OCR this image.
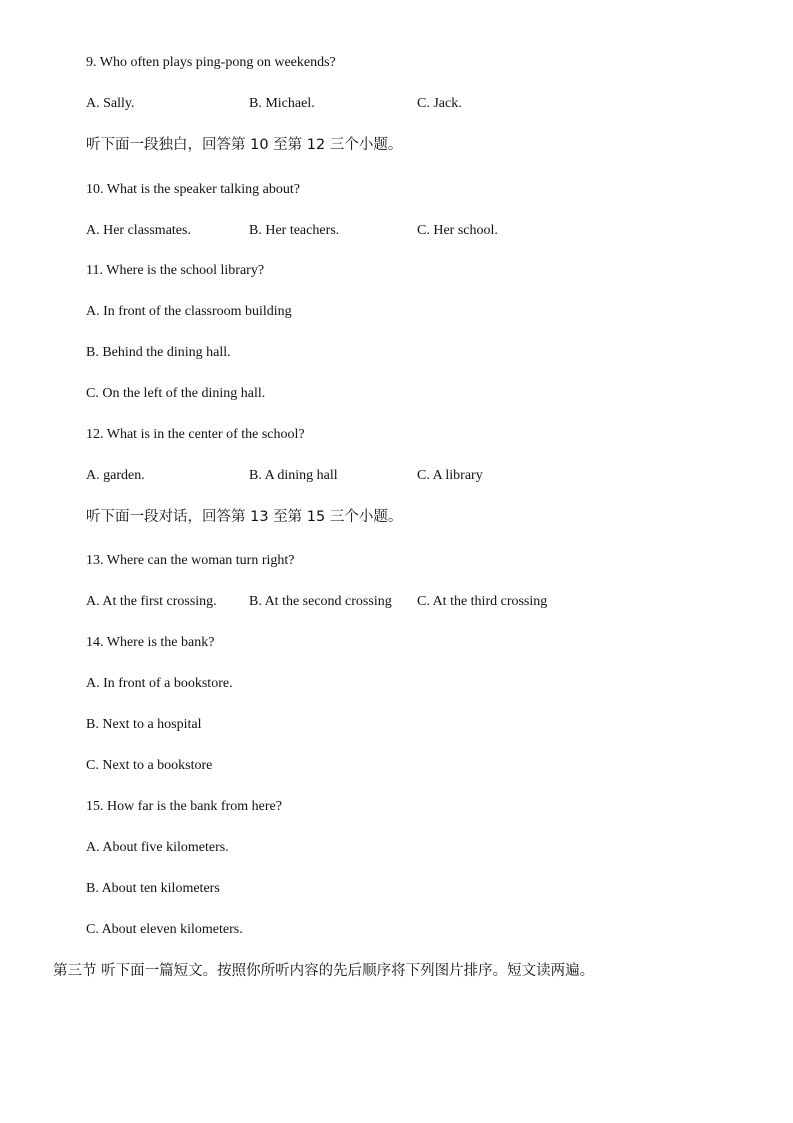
9. Who often plays ping-pong on weekends?
A. Sally.	B. Michael.	C. Jack.
听下面一段独白，回答第 10 至第 12 三个小题。
10. What is the speaker talking about?
A. Her classmates.	B. Her teachers.	C. Her school.
11. Where is the school library?
A. In front of the classroom building
B. Behind the dining hall.
C. On the left of the dining hall.
12. What is in the center of the school?
A. garden.	B. A dining hall	C. A library
听下面一段对话，回答第 13 至第 15 三个小题。
13. Where can the woman turn right?
A. At the first crossing. B. At the second crossing C. At the third crossing
14. Where is the bank?
A. In front of a bookstore.
B. Next to a hospital
C. Next to a bookstore
15. How far is the bank from here?
A. About five kilometers.
B. About ten kilometers
C. About eleven kilometers.
第三节 听下面一篇短文。按照你所听内容的先后顺序将下列图片排序。短文读两遍。
